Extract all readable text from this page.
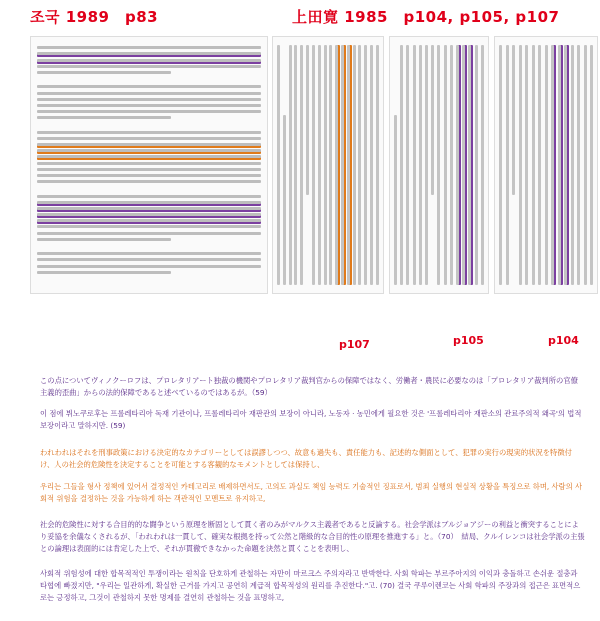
조국 1989　p83	上田寛 1985　p104, p105, p107
p107	p105	p104

この点についてヴィノクーロフは、プロレタリアート独裁の機関やプロレタリア裁判官からの保障ではなく、労働者・農民に必要なのは「プロレタリア裁判所の官僚主義的歪曲」からの法的保障であると述べているのではあるが。（59）

이 점에 뷔노쿠로후는 프롤레타리아 독재 기관이나, 프롤레타리아 재판관의 보장이 아니라, 노동자 · 농민에게 필요한 것은 '프롤레타리아 재판소의 관료주의적 왜곡'의 법적 보장이라고 말하지만. (59)

われわれはそれを刑事政策における決定的なカテゴリーとしては誤謬しつつ、故意も過失も、責任能力も、記述的な側面として、犯罪の実行の現実的状況を特徴付け、人の社会的危険性を決定することを可能とする客観的なモメントとしては保持し、

우리는 그들을 형사 정책에 있어서 결정적인 카테고리로 배제하면서도, 고의도 과실도 책임 능력도 기술적인 징표로서, 범죄 실행의 현실적 상황을 특징으로 하며, 사람의 사회적 위험을 결정하는 것을 가능하게 하는 객관적인 모멘트로 유지하고,

社会的危険性に対する合目的的な闘争という原理を断固として貫く者のみがマルクス主義者であると反論する。社会学派はブルジョアジーの利益と衝突することにより妥協を余儀なくされるが、「われわれは一貫して、確実な根拠を持って公然と階級的な合目的性の原理を推進する」と。（70）　結局、クルイレンコは社会学派の主張との論理は表面的には肯定した上で、それが貫徹できなかった命題を決然と貫くことを表明し、

사회적 위험성에 대한 합목적적인 투쟁이라는 원칙을 단호하게 관철하는 자만이 마르크스 주의자라고 반박한다. 사회 학파는 부르주아지의 이익과 충돌하고 손쉬운 절충과 타협에 빠졌지만, "우리는 일관하게, 확실한 근거를 가지고 공연히 계급적 합목적성의 원리를 추진한다."고. (70) 결국 쿠루이렌코는 사회 학파의 주장과의 접근은 표면적으로는 긍정하고, 그것이 관철하지 못한 명제를 결연히 관철하는 것을 표명하고,
